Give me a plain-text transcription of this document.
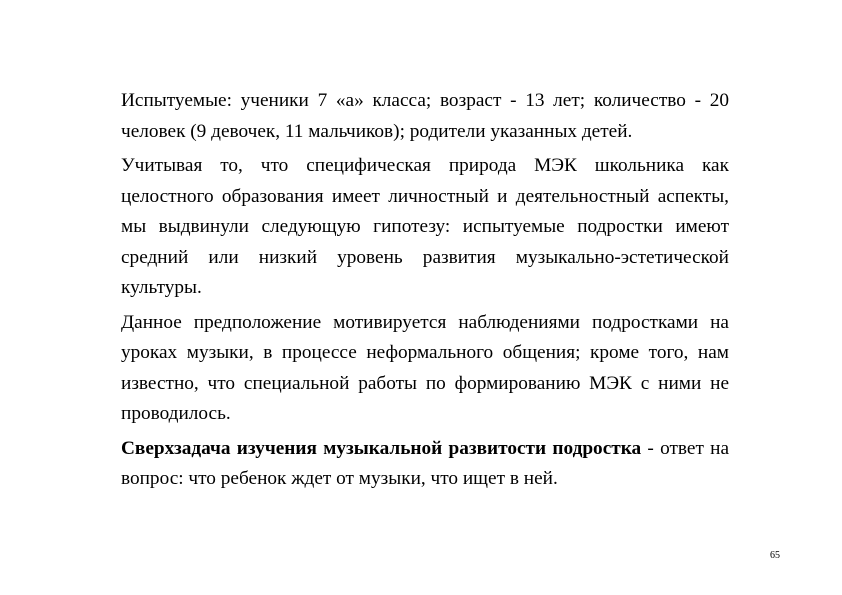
Испытуемые: ученики 7 «а» класса; возраст - 13 лет; количество - 20 человек (9 девочек, 11 мальчиков); родители указанных детей.

Учитывая то, что специфическая природа МЭК школьника как целостного образования имеет личностный и деятельностный аспекты, мы выдвинули следующую гипотезу: испытуемые подростки имеют средний или низкий уровень развития музыкально-эстетической культуры.

Данное предположение мотивируется наблюдениями подростками на уроках музыки, в процессе неформального общения; кроме того, нам известно, что специальной работы по формированию МЭК с ними не проводилось.

Сверхзадача изучения музыкальной развитости подростка - ответ на вопрос: что ребенок ждет от музыки, что ищет в ней.

65
